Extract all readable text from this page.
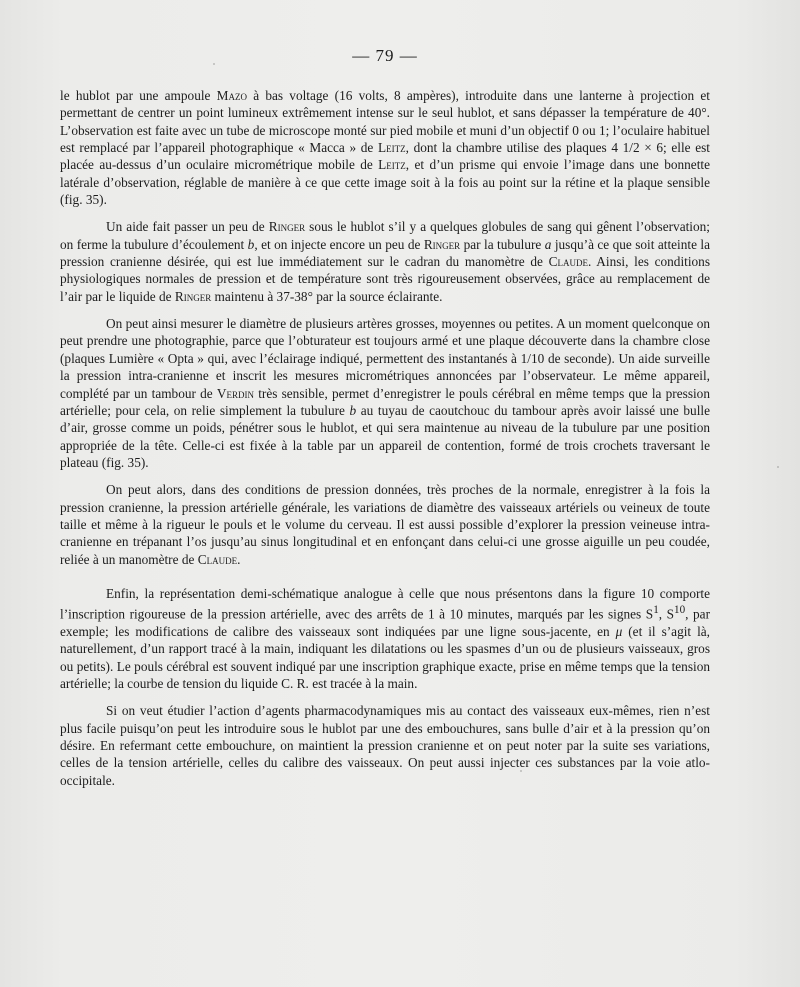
— 79 —

le hublot par une ampoule Mazo à bas voltage (16 volts, 8 ampères), introduite dans une lanterne à projection et permettant de centrer un point lumineux extrêmement intense sur le seul hublot, et sans dépasser la température de 40°. L’observation est faite avec un tube de microscope monté sur pied mobile et muni d’un objectif 0 ou 1; l’oculaire habituel est remplacé par l’appareil photographique « Macca » de Leitz, dont la chambre utilise des plaques 4 1/2 × 6; elle est placée au-dessus d’un oculaire micrométrique mobile de Leitz, et d’un prisme qui envoie l’image dans une bonnette latérale d’observation, réglable de manière à ce que cette image soit à la fois au point sur la rétine et la plaque sensible (fig. 35).

Un aide fait passer un peu de Ringer sous le hublot s’il y a quelques globules de sang qui gênent l’observation; on ferme la tubulure d’écoulement b, et on injecte encore un peu de Ringer par la tubulure a jusqu’à ce que soit atteinte la pression cranienne désirée, qui est lue immédiatement sur le cadran du manomètre de Claude. Ainsi, les conditions physiologiques normales de pression et de température sont très rigoureusement observées, grâce au remplacement de l’air par le liquide de Ringer maintenu à 37-38° par la source éclairante.

On peut ainsi mesurer le diamètre de plusieurs artères grosses, moyennes ou petites. A un moment quelconque on peut prendre une photographie, parce que l’obturateur est toujours armé et une plaque découverte dans la chambre close (plaques Lumière « Opta » qui, avec l’éclairage indiqué, permettent des instantanés à 1/10 de seconde). Un aide surveille la pression intra-cranienne et inscrit les mesures micrométriques annoncées par l’observateur. Le même appareil, complété par un tambour de Verdin très sensible, permet d’enregistrer le pouls cérébral en même temps que la pression artérielle; pour cela, on relie simplement la tubulure b au tuyau de caoutchouc du tambour après avoir laissé une bulle d’air, grosse comme un poids, pénétrer sous le hublot, et qui sera maintenue au niveau de la tubulure par une position appropriée de la tête. Celle-ci est fixée à la table par un appareil de contention, formé de trois crochets traversant le plateau (fig. 35).

On peut alors, dans des conditions de pression données, très proches de la normale, enregistrer à la fois la pression cranienne, la pression artérielle générale, les variations de diamètre des vaisseaux artériels ou veineux de toute taille et même à la rigueur le pouls et le volume du cerveau. Il est aussi possible d’explorer la pression veineuse intra-cranienne en trépanant l’os jusqu’au sinus longitudinal et en enfonçant dans celui-ci une grosse aiguille un peu coudée, reliée à un manomètre de Claude.

Enfin, la représentation demi-schématique analogue à celle que nous présentons dans la figure 10 comporte l’inscription rigoureuse de la pression artérielle, avec des arrêts de 1 à 10 minutes, marqués par les signes $S^1$, $S^{10}$, par exemple; les modifications de calibre des vaisseaux sont indiquées par une ligne sous-jacente, en μ (et il s’agit là, naturellement, d’un rapport tracé à la main, indiquant les dilatations ou les spasmes d’un ou de plusieurs vaisseaux, gros ou petits). Le pouls cérébral est souvent indiqué par une inscription graphique exacte, prise en même temps que la tension artérielle; la courbe de tension du liquide C. R. est tracée à la main.

Si on veut étudier l’action d’agents pharmacodynamiques mis au contact des vaisseaux eux-mêmes, rien n’est plus facile puisqu’on peut les introduire sous le hublot par une des embouchures, sans bulle d’air et à la pression qu’on désire. En refermant cette embouchure, on maintient la pression cranienne et on peut noter par la suite ses variations, celles de la tension artérielle, celles du calibre des vaisseaux. On peut aussi injecter ces substances par la voie atlo-occipitale.
